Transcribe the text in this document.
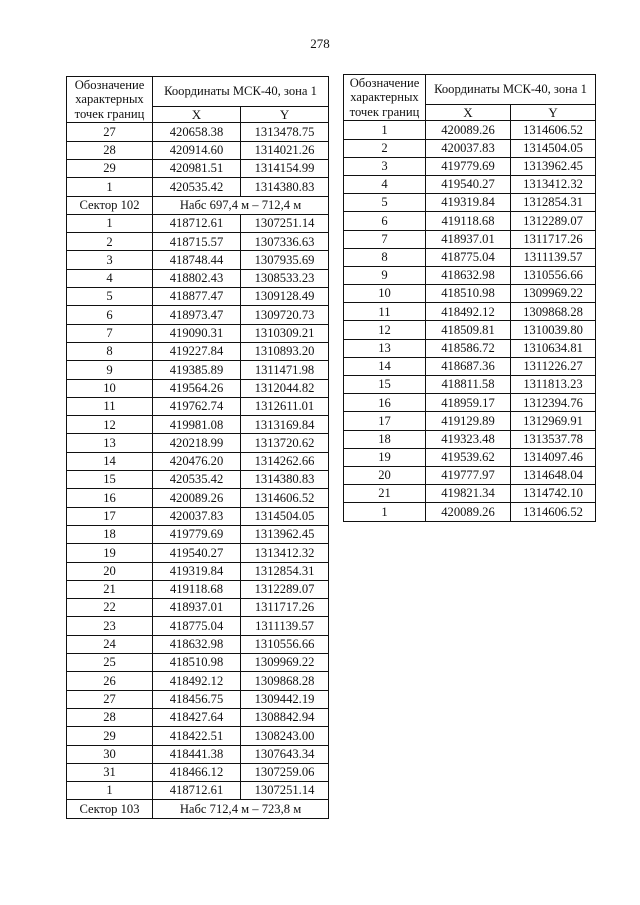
278
Обозначение
характерных
точек границ	Координаты МСК-40, зона 1	
	X	Y
27	420658.38	1313478.75
28	420914.60	1314021.26
29	420981.51	1314154.99
1	420535.42	1314380.83
Сектор 102	Набс 697,4 м – 712,4 м	
1	418712.61	1307251.14
2	418715.57	1307336.63
3	418748.44	1307935.69
4	418802.43	1308533.23
5	418877.47	1309128.49
6	418973.47	1309720.73
7	419090.31	1310309.21
8	419227.84	1310893.20
9	419385.89	1311471.98
10	419564.26	1312044.82
11	419762.74	1312611.01
12	419981.08	1313169.84
13	420218.99	1313720.62
14	420476.20	1314262.66
15	420535.42	1314380.83
16	420089.26	1314606.52
17	420037.83	1314504.05
18	419779.69	1313962.45
19	419540.27	1313412.32
20	419319.84	1312854.31
21	419118.68	1312289.07
22	418937.01	1311717.26
23	418775.04	1311139.57
24	418632.98	1310556.66
25	418510.98	1309969.22
26	418492.12	1309868.28
27	418456.75	1309442.19
28	418427.64	1308842.94
29	418422.51	1308243.00
30	418441.38	1307643.34
31	418466.12	1307259.06
1	418712.61	1307251.14
Сектор 103	Набс 712,4 м – 723,8 м	
Обозначение
характерных
точек границ	Координаты МСК-40, зона 1	
	X	Y
1	420089.26	1314606.52
2	420037.83	1314504.05
3	419779.69	1313962.45
4	419540.27	1313412.32
5	419319.84	1312854.31
6	419118.68	1312289.07
7	418937.01	1311717.26
8	418775.04	1311139.57
9	418632.98	1310556.66
10	418510.98	1309969.22
11	418492.12	1309868.28
12	418509.81	1310039.80
13	418586.72	1310634.81
14	418687.36	1311226.27
15	418811.58	1311813.23
16	418959.17	1312394.76
17	419129.89	1312969.91
18	419323.48	1313537.78
19	419539.62	1314097.46
20	419777.97	1314648.04
21	419821.34	1314742.10
1	420089.26	1314606.52
